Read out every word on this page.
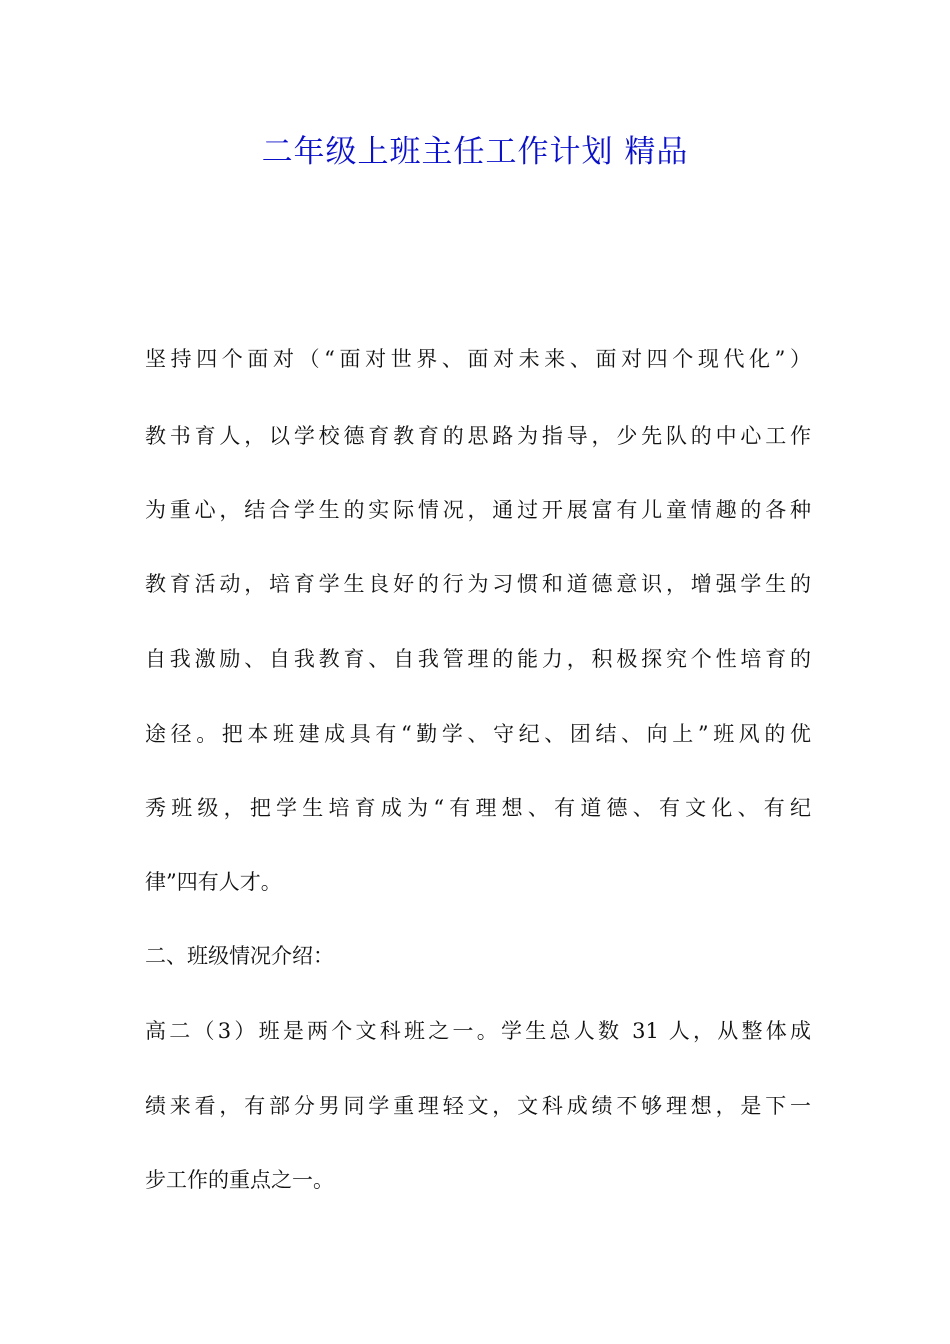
二年级上班主任工作计划 精品

坚持四个面对（“面对世界、面对未来、面对四个现代化”）

教书育人，以学校德育教育的思路为指导，少先队的中心工作

为重心，结合学生的实际情况，通过开展富有儿童情趣的各种

教育活动，培育学生良好的行为习惯和道德意识，增强学生的

自我激励、自我教育、自我管理的能力，积极探究个性培育的

途径。把本班建成具有“勤学、守纪、团结、向上”班风的优

秀班级，把学生培育成为“有理想、有道德、有文化、有纪

律”四有人才。

二、班级情况介绍：

高二（3）班是两个文科班之一。学生总人数 31 人，从整体成

绩来看，有部分男同学重理轻文，文科成绩不够理想，是下一

步工作的重点之一。
